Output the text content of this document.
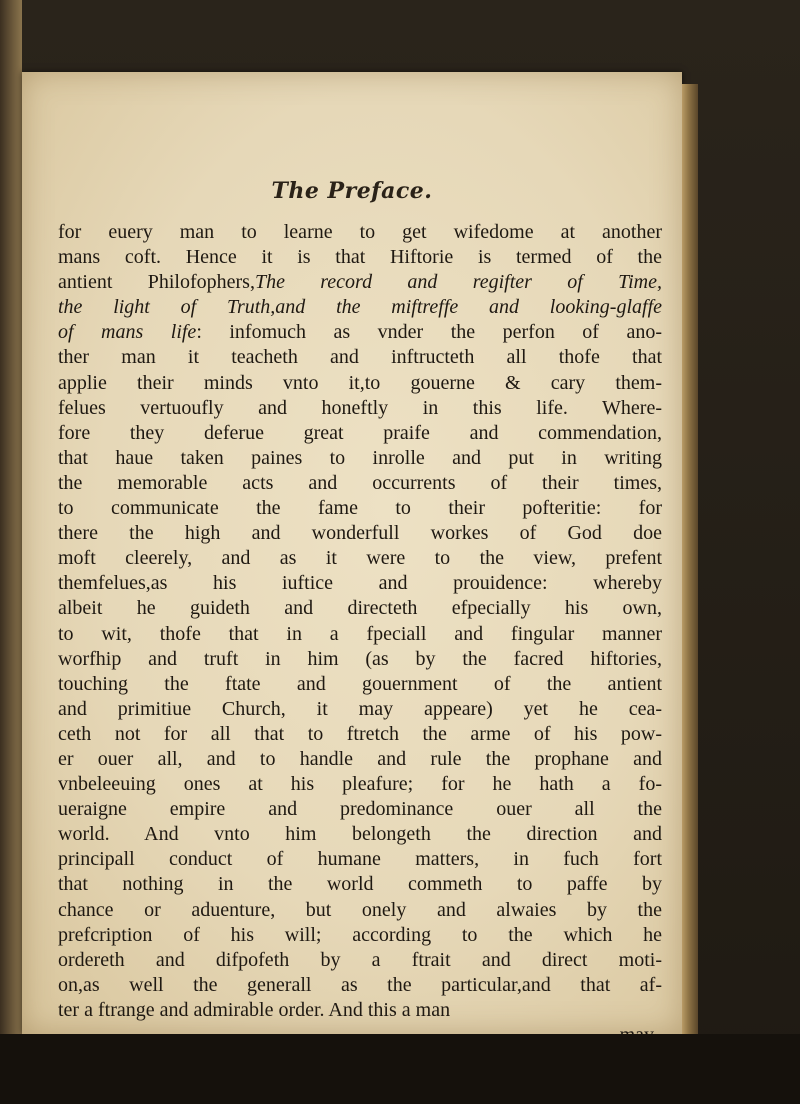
The Preface.
for euery man to learne to get wifedome at another
mans coft. Hence it is that Hiftorie is termed of the
antient Philofophers,The record and regifter of Time,
the light of Truth,and the miftreffe and looking-glaffe
of mans life: infomuch as vnder the perfon of ano-
ther man it teacheth and inftructeth all thofe that
applie their minds vnto it,to gouerne & cary them-
felues vertuoufly and honeftly in this life. Where-
fore they deferue great praife and commendation,
that haue taken paines to inrolle and put in writing
the memorable acts and occurrents of their times,
to communicate the fame to their pofteritie: for
there the high and wonderfull workes of God doe
moft cleerely, and as it were to the view, prefent
themfelues,as his iuftice and prouidence: whereby
albeit he guideth and directeth efpecially his own,
to wit, thofe that in a fpeciall and fingular manner
worfhip and truft in him (as by the facred hiftories,
touching the ftate and gouernment of the antient
and primitiue Church, it may appeare) yet he cea-
ceth not for all that to ftretch the arme of his pow-
er ouer all, and to handle and rule the prophane and
vnbeleeuing ones at his pleafure; for he hath a fo-
ueraigne empire and predominance ouer all the
world. And vnto him belongeth the direction and
principall conduct of humane matters, in fuch fort
that nothing in the world commeth to paffe by
chance or aduenture, but onely and alwaies by the
prefcription of his will; according to the which he
ordereth and difpofeth by a ftrait and direct moti-
on,as well the generall as the particular,and that af-
ter a ftrange and admirable order. And this a man
